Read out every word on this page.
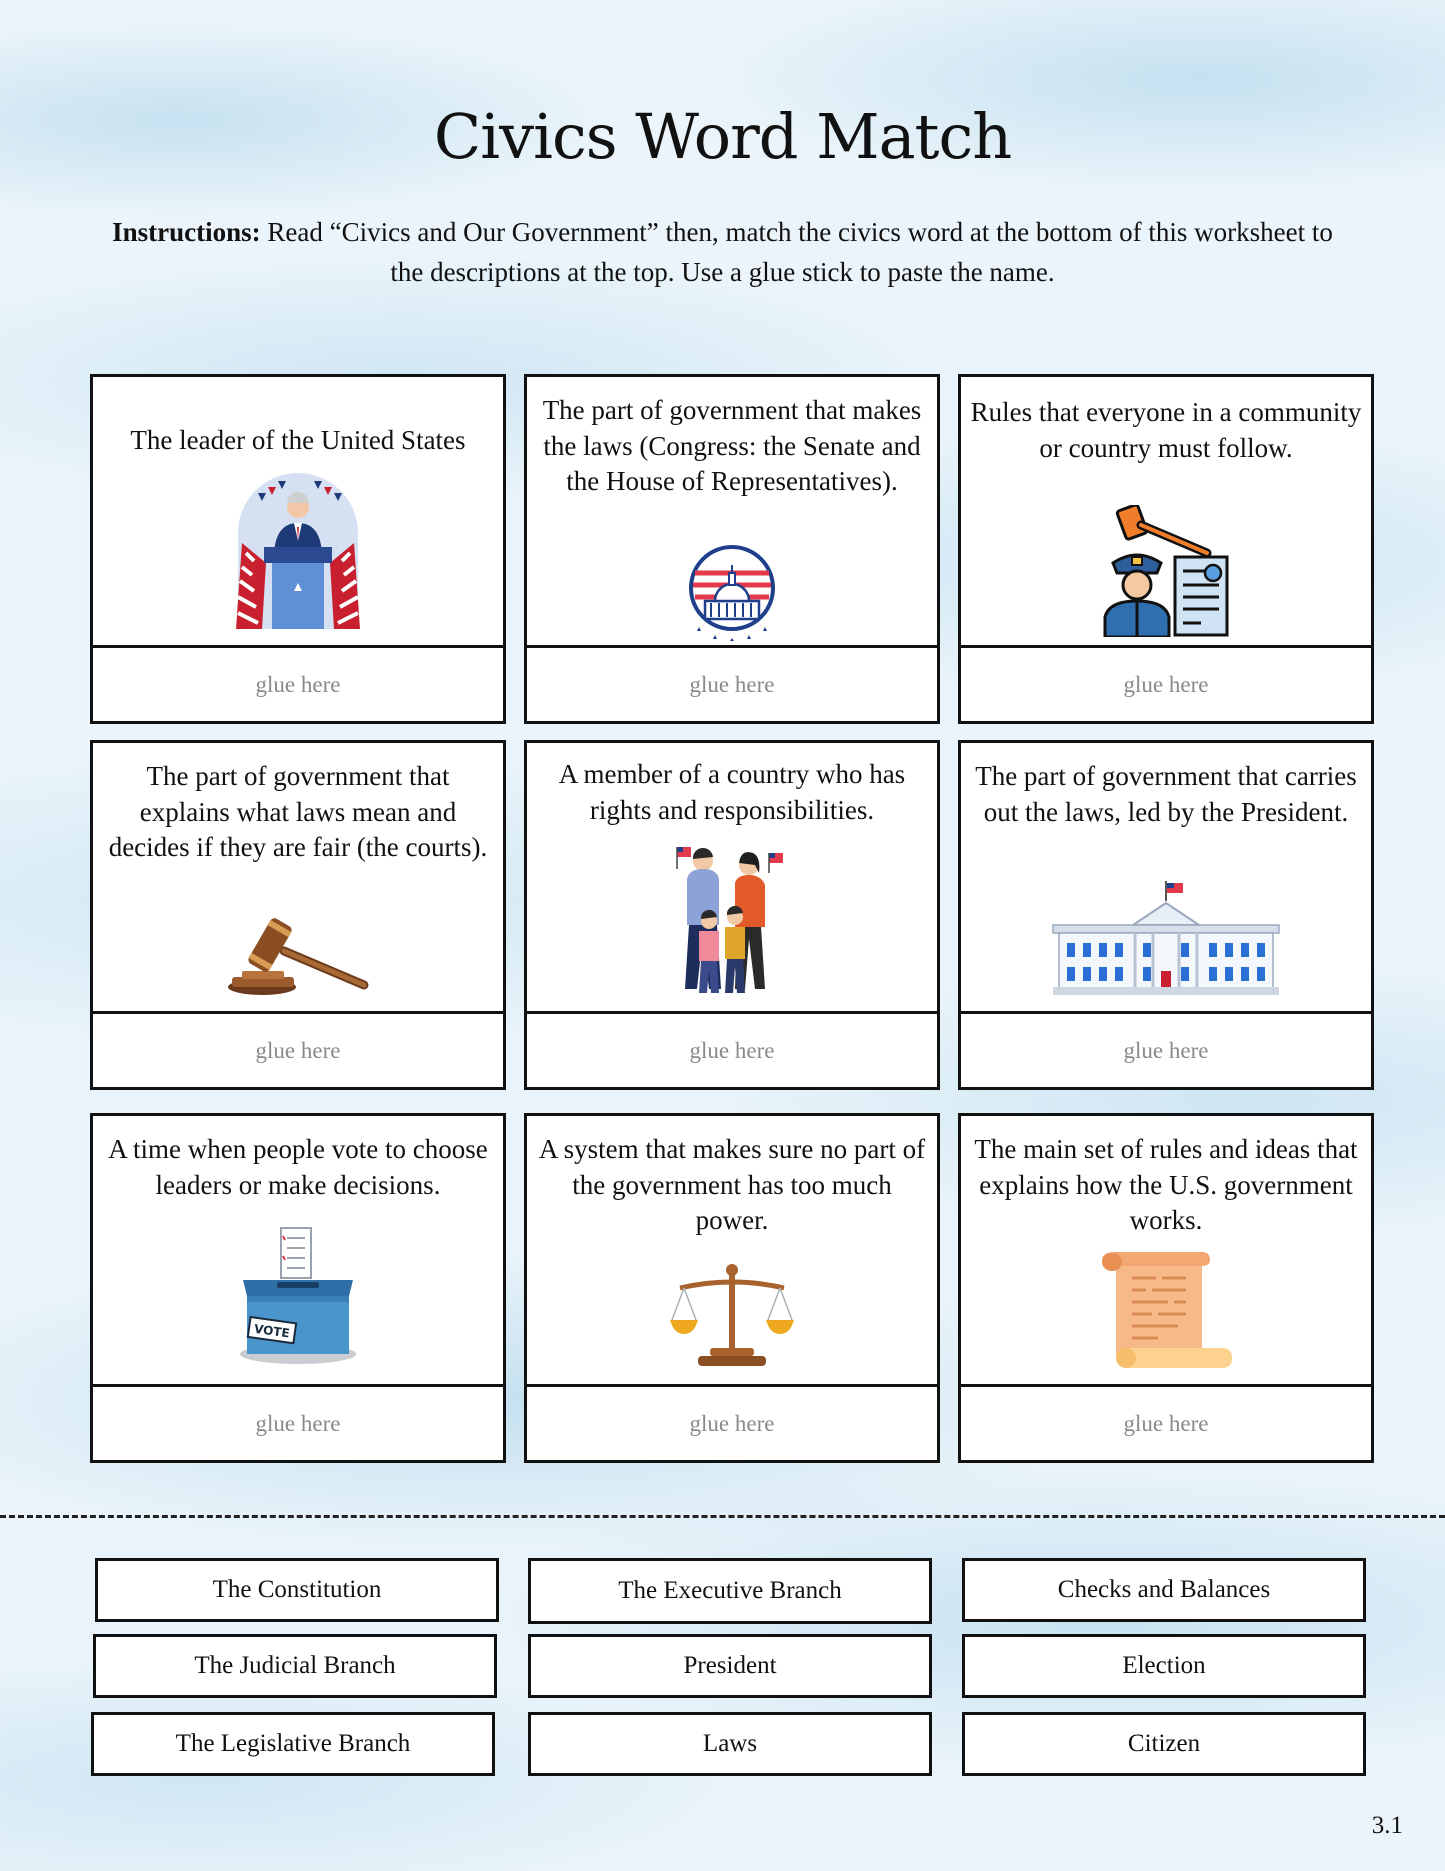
Civics Word Match
Instructions: Read “Civics and Our Government” then, match the civics word at the bottom of this worksheet to the descriptions at the top. Use a glue stick to paste the name.
The leader of the United States
glue here
The part of government that makes the laws (Congress: the Senate and the House of Representatives).
glue here
Rules that everyone in a community or country must follow.
glue here
The part of government that explains what laws mean and decides if they are fair (the courts).
glue here
A member of a country who has rights and responsibilities.
glue here
The part of government that carries out the laws, led by the President.
glue here
A time when people vote to choose leaders or make decisions.
VOTE
glue here
A system that makes sure no part of the government has too much power.
glue here
The main set of rules and ideas that explains how the U.S. government works.
glue here
The Constitution	The Executive Branch	Checks and Balances
The Judicial Branch	President	Election
The Legislative Branch	Laws	Citizen
3.1
